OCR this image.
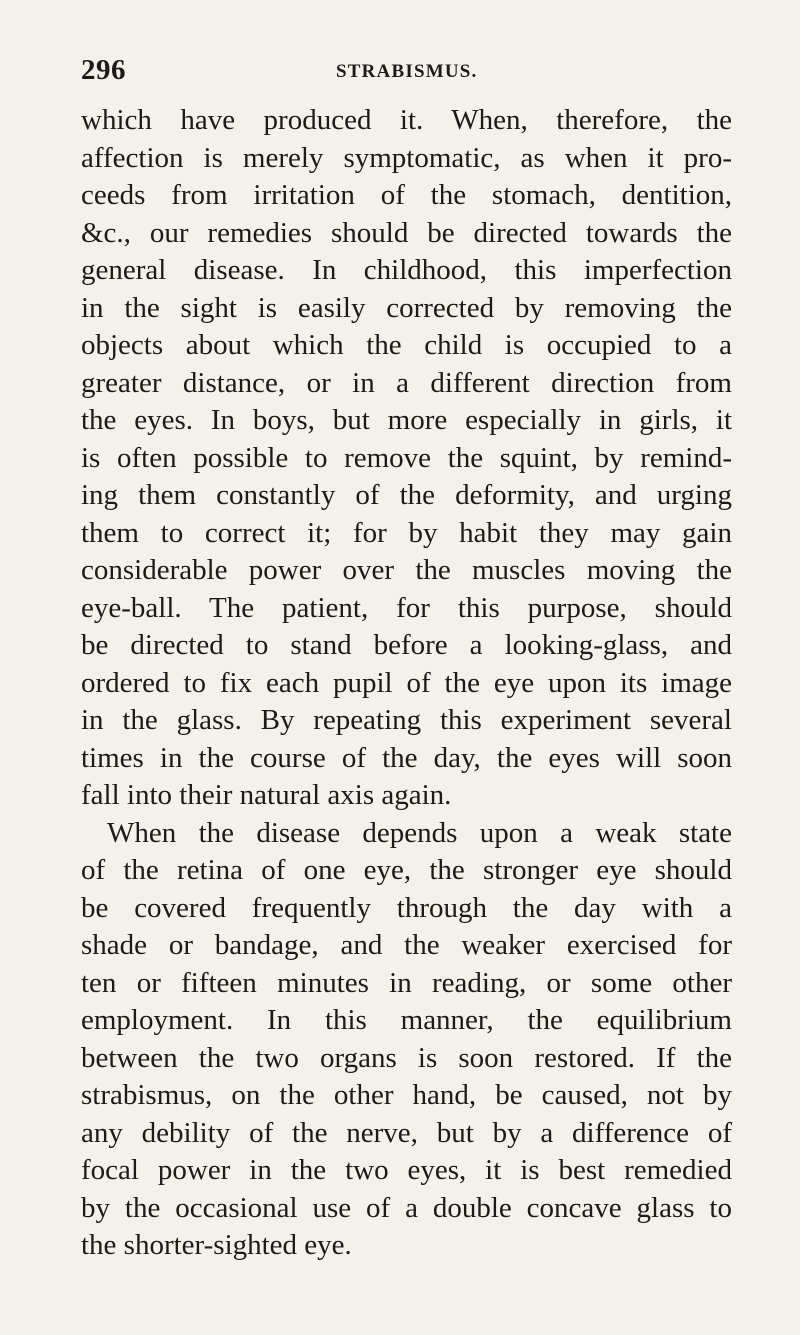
296	STRABISMUS.
which have produced it. When, therefore, the
affection is merely symptomatic, as when it pro-
ceeds from irritation of the stomach, dentition,
&c., our remedies should be directed towards the
general disease. In childhood, this imperfection
in the sight is easily corrected by removing the
objects about which the child is occupied to a
greater distance, or in a different direction from
the eyes. In boys, but more especially in girls, it
is often possible to remove the squint, by remind-
ing them constantly of the deformity, and urging
them to correct it; for by habit they may gain
considerable power over the muscles moving the
eye-ball. The patient, for this purpose, should
be directed to stand before a looking-glass, and
ordered to fix each pupil of the eye upon its image
in the glass. By repeating this experiment several
times in the course of the day, the eyes will soon
fall into their natural axis again.
When the disease depends upon a weak state
of the retina of one eye, the stronger eye should
be covered frequently through the day with a
shade or bandage, and the weaker exercised for
ten or fifteen minutes in reading, or some other
employment. In this manner, the equilibrium
between the two organs is soon restored. If the
strabismus, on the other hand, be caused, not by
any debility of the nerve, but by a difference of
focal power in the two eyes, it is best remedied
by the occasional use of a double concave glass to
the shorter-sighted eye.
